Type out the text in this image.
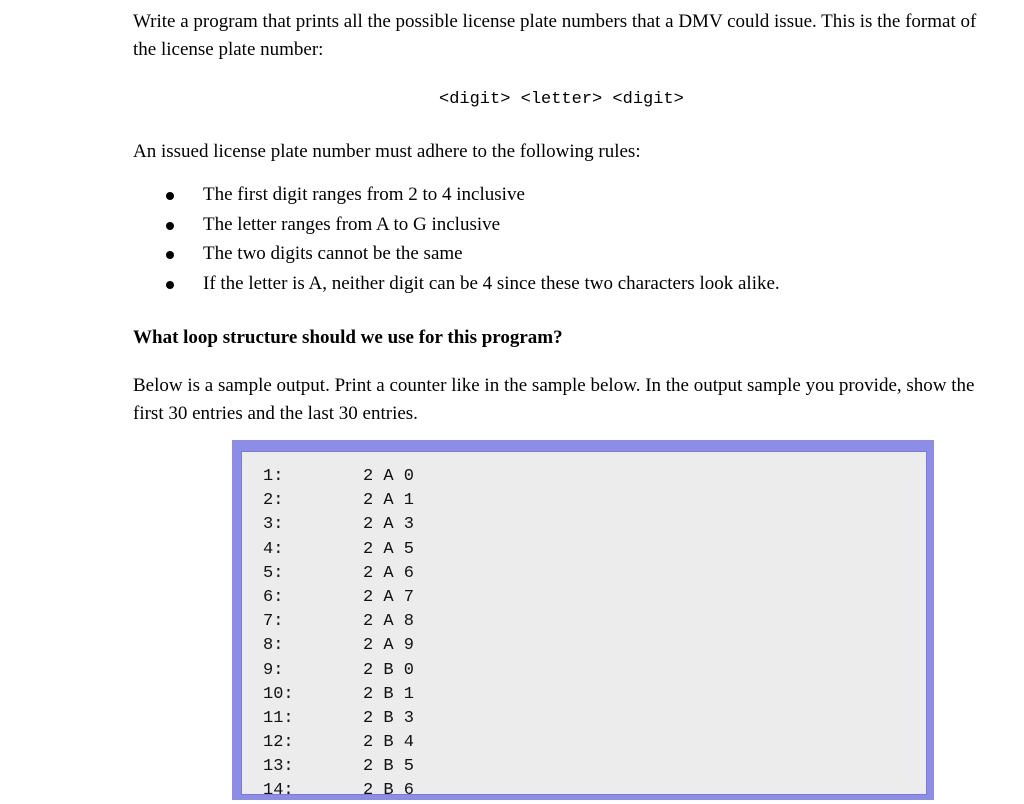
Write a program that prints all the possible license plate numbers that a DMV could issue. This is the format of the license plate number:

<digit> <letter> <digit>

An issued license plate number must adhere to the following rules:

The first digit ranges from 2 to 4 inclusive
The letter ranges from A to G inclusive
The two digits cannot be the same
If the letter is A, neither digit can be 4 since these two characters look alike.

What loop structure should we use for this program?

Below is a sample output. Print a counter like in the sample below. In the output sample you provide, show the first 30 entries and the last 30 entries.

1:	2 A 0
2:	2 A 1
3:	2 A 3
4:	2 A 5
5:	2 A 6
6:	2 A 7
7:	2 A 8
8:	2 A 9
9:	2 B 0
10:	2 B 1
11:	2 B 3
12:	2 B 4
13:	2 B 5
14:	2 B 6
